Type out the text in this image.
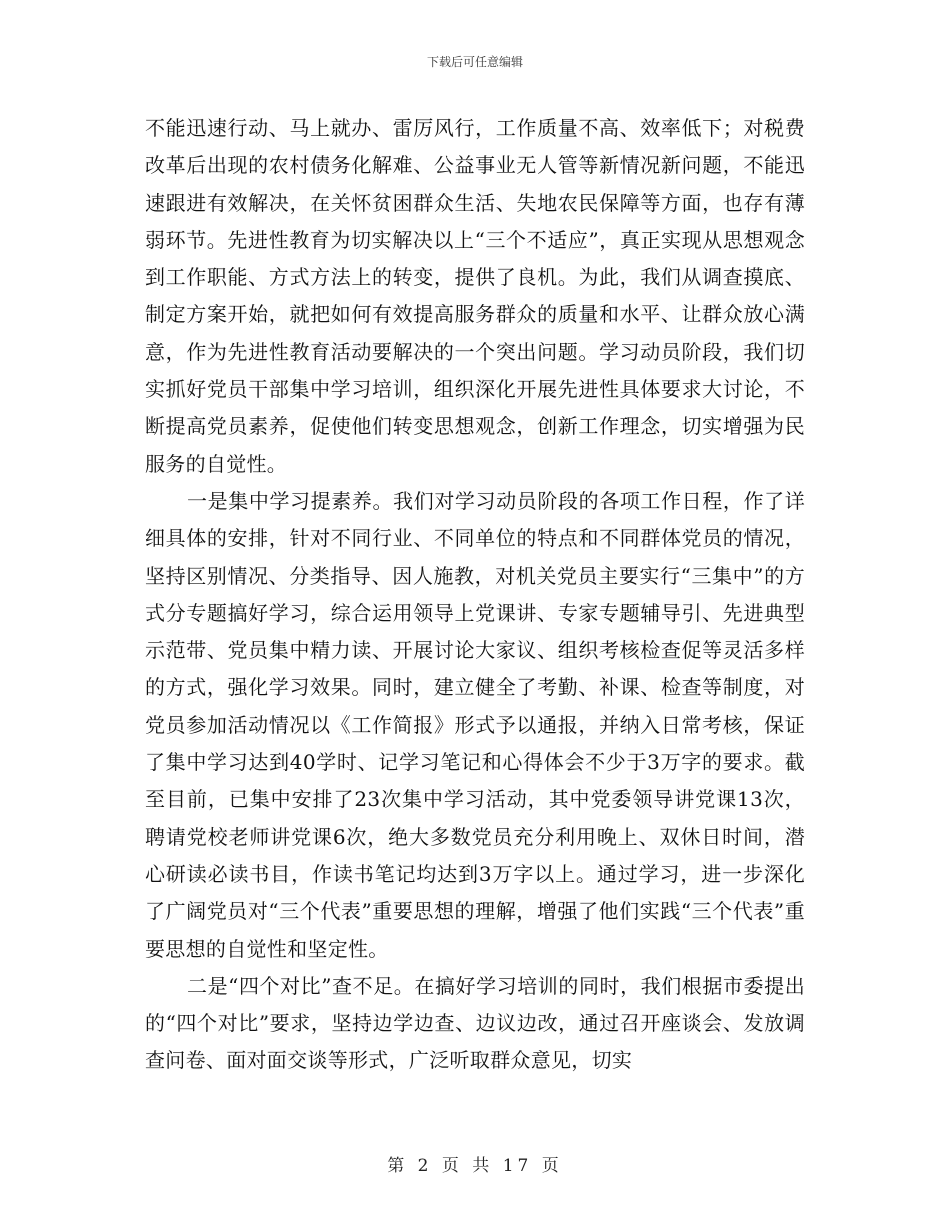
下载后可任意编辑

不能迅速行动、马上就办、雷厉风行，工作质量不高、效率低下；对税费改革后出现的农村债务化解难、公益事业无人管等新情况新问题，不能迅速跟进有效解决，在关怀贫困群众生活、失地农民保障等方面，也存有薄弱环节。先进性教育为切实解决以上“三个不适应”，真正实现从思想观念到工作职能、方式方法上的转变，提供了良机。为此，我们从调查摸底、制定方案开始，就把如何有效提高服务群众的质量和水平、让群众放心满意，作为先进性教育活动要解决的一个突出问题。学习动员阶段，我们切实抓好党员干部集中学习培训，组织深化开展先进性具体要求大讨论，不断提高党员素养，促使他们转变思想观念，创新工作理念，切实增强为民服务的自觉性。

一是集中学习提素养。我们对学习动员阶段的各项工作日程，作了详细具体的安排，针对不同行业、不同单位的特点和不同群体党员的情况，坚持区别情况、分类指导、因人施教，对机关党员主要实行“三集中”的方式分专题搞好学习，综合运用领导上党课讲、专家专题辅导引、先进典型示范带、党员集中精力读、开展讨论大家议、组织考核检查促等灵活多样的方式，强化学习效果。同时，建立健全了考勤、补课、检查等制度，对党员参加活动情况以《工作简报》形式予以通报，并纳入日常考核，保证了集中学习达到40学时、记学习笔记和心得体会不少于3万字的要求。截至目前，已集中安排了23次集中学习活动，其中党委领导讲党课13次，聘请党校老师讲党课6次，绝大多数党员充分利用晚上、双休日时间，潜心研读必读书目，作读书笔记均达到3万字以上。通过学习，进一步深化了广阔党员对“三个代表”重要思想的理解，增强了他们实践“三个代表”重要思想的自觉性和坚定性。

二是“四个对比”查不足。在搞好学习培训的同时，我们根据市委提出的“四个对比”要求，坚持边学边查、边议边改，通过召开座谈会、发放调查问卷、面对面交谈等形式，广泛听取群众意见，切实

第 2 页 共 17 页
